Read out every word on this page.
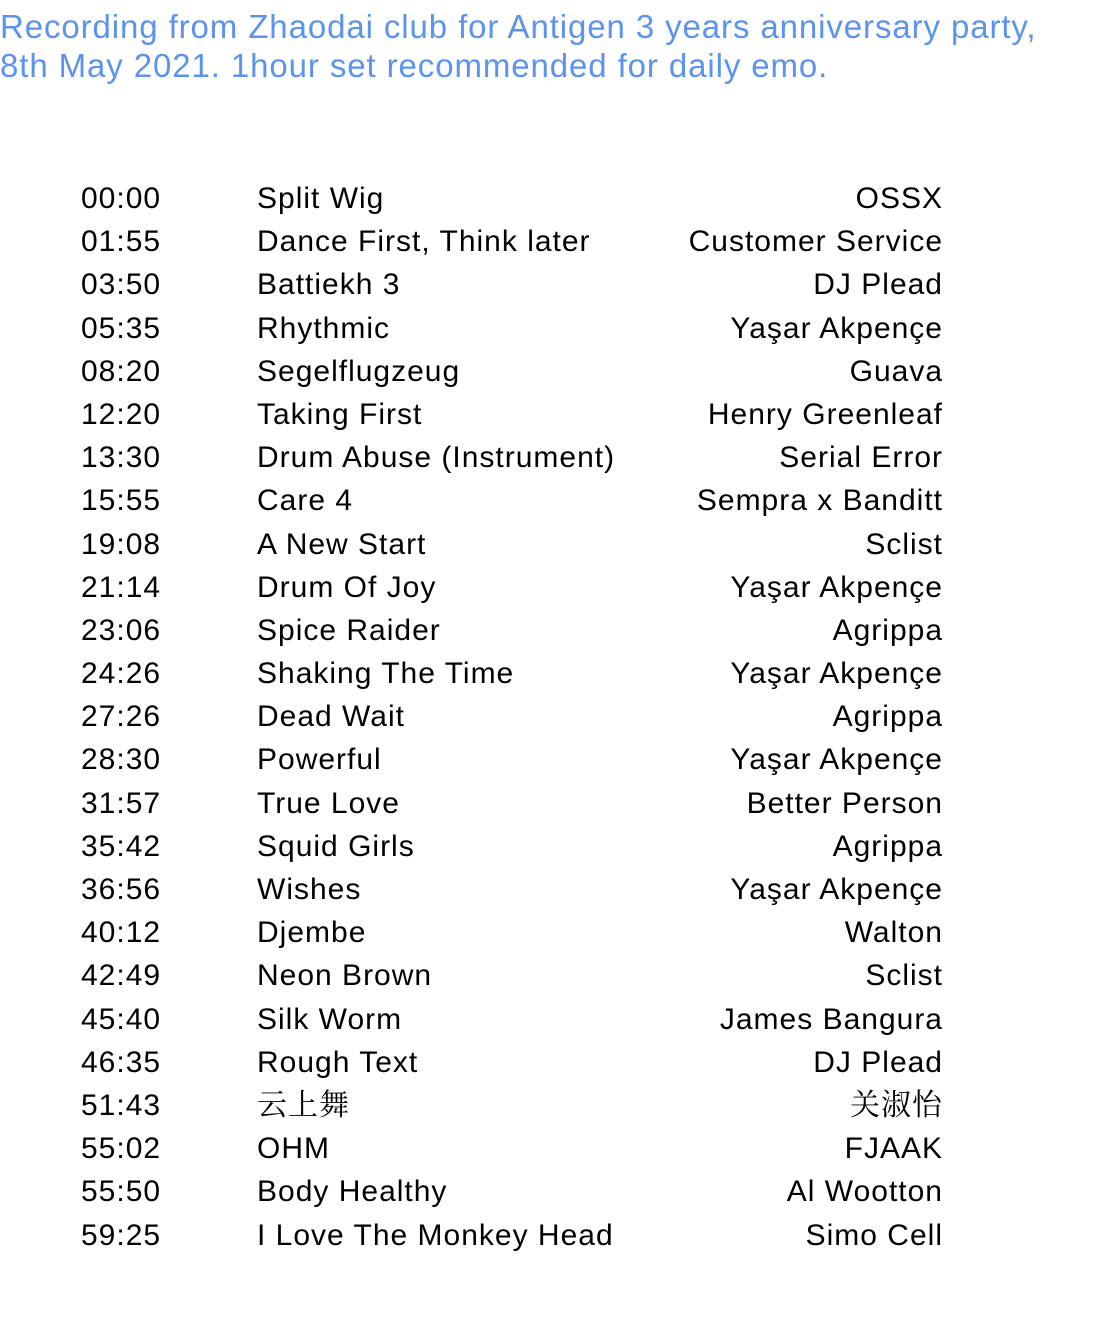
Recording from Zhaodai club for Antigen 3 years anniversary party,
8th May 2021. 1hour set recommended for daily emo.

00:00	Split Wig	OSSX
01:55	Dance First, Think later	Customer Service
03:50	Battiekh 3	DJ Plead
05:35	Rhythmic	Yaşar Akpençe
08:20	Segelflugzeug	Guava
12:20	Taking First	Henry Greenleaf
13:30	Drum Abuse (Instrument)	Serial Error
15:55	Care 4	Sempra x Banditt
19:08	A New Start	Sclist
21:14	Drum Of Joy	Yaşar Akpençe
23:06	Spice Raider	Agrippa
24:26	Shaking The Time	Yaşar Akpençe
27:26	Dead Wait	Agrippa
28:30	Powerful	Yaşar Akpençe
31:57	True Love	Better Person
35:42	Squid Girls	Agrippa
36:56	Wishes	Yaşar Akpençe
40:12	Djembe	Walton
42:49	Neon Brown	Sclist
45:40	Silk Worm	James Bangura
46:35	Rough Text	DJ Plead
51:43	云上舞	关淑怡
55:02	OHM	FJAAK
55:50	Body Healthy	Al Wootton
59:25	I Love The Monkey Head	Simo Cell
